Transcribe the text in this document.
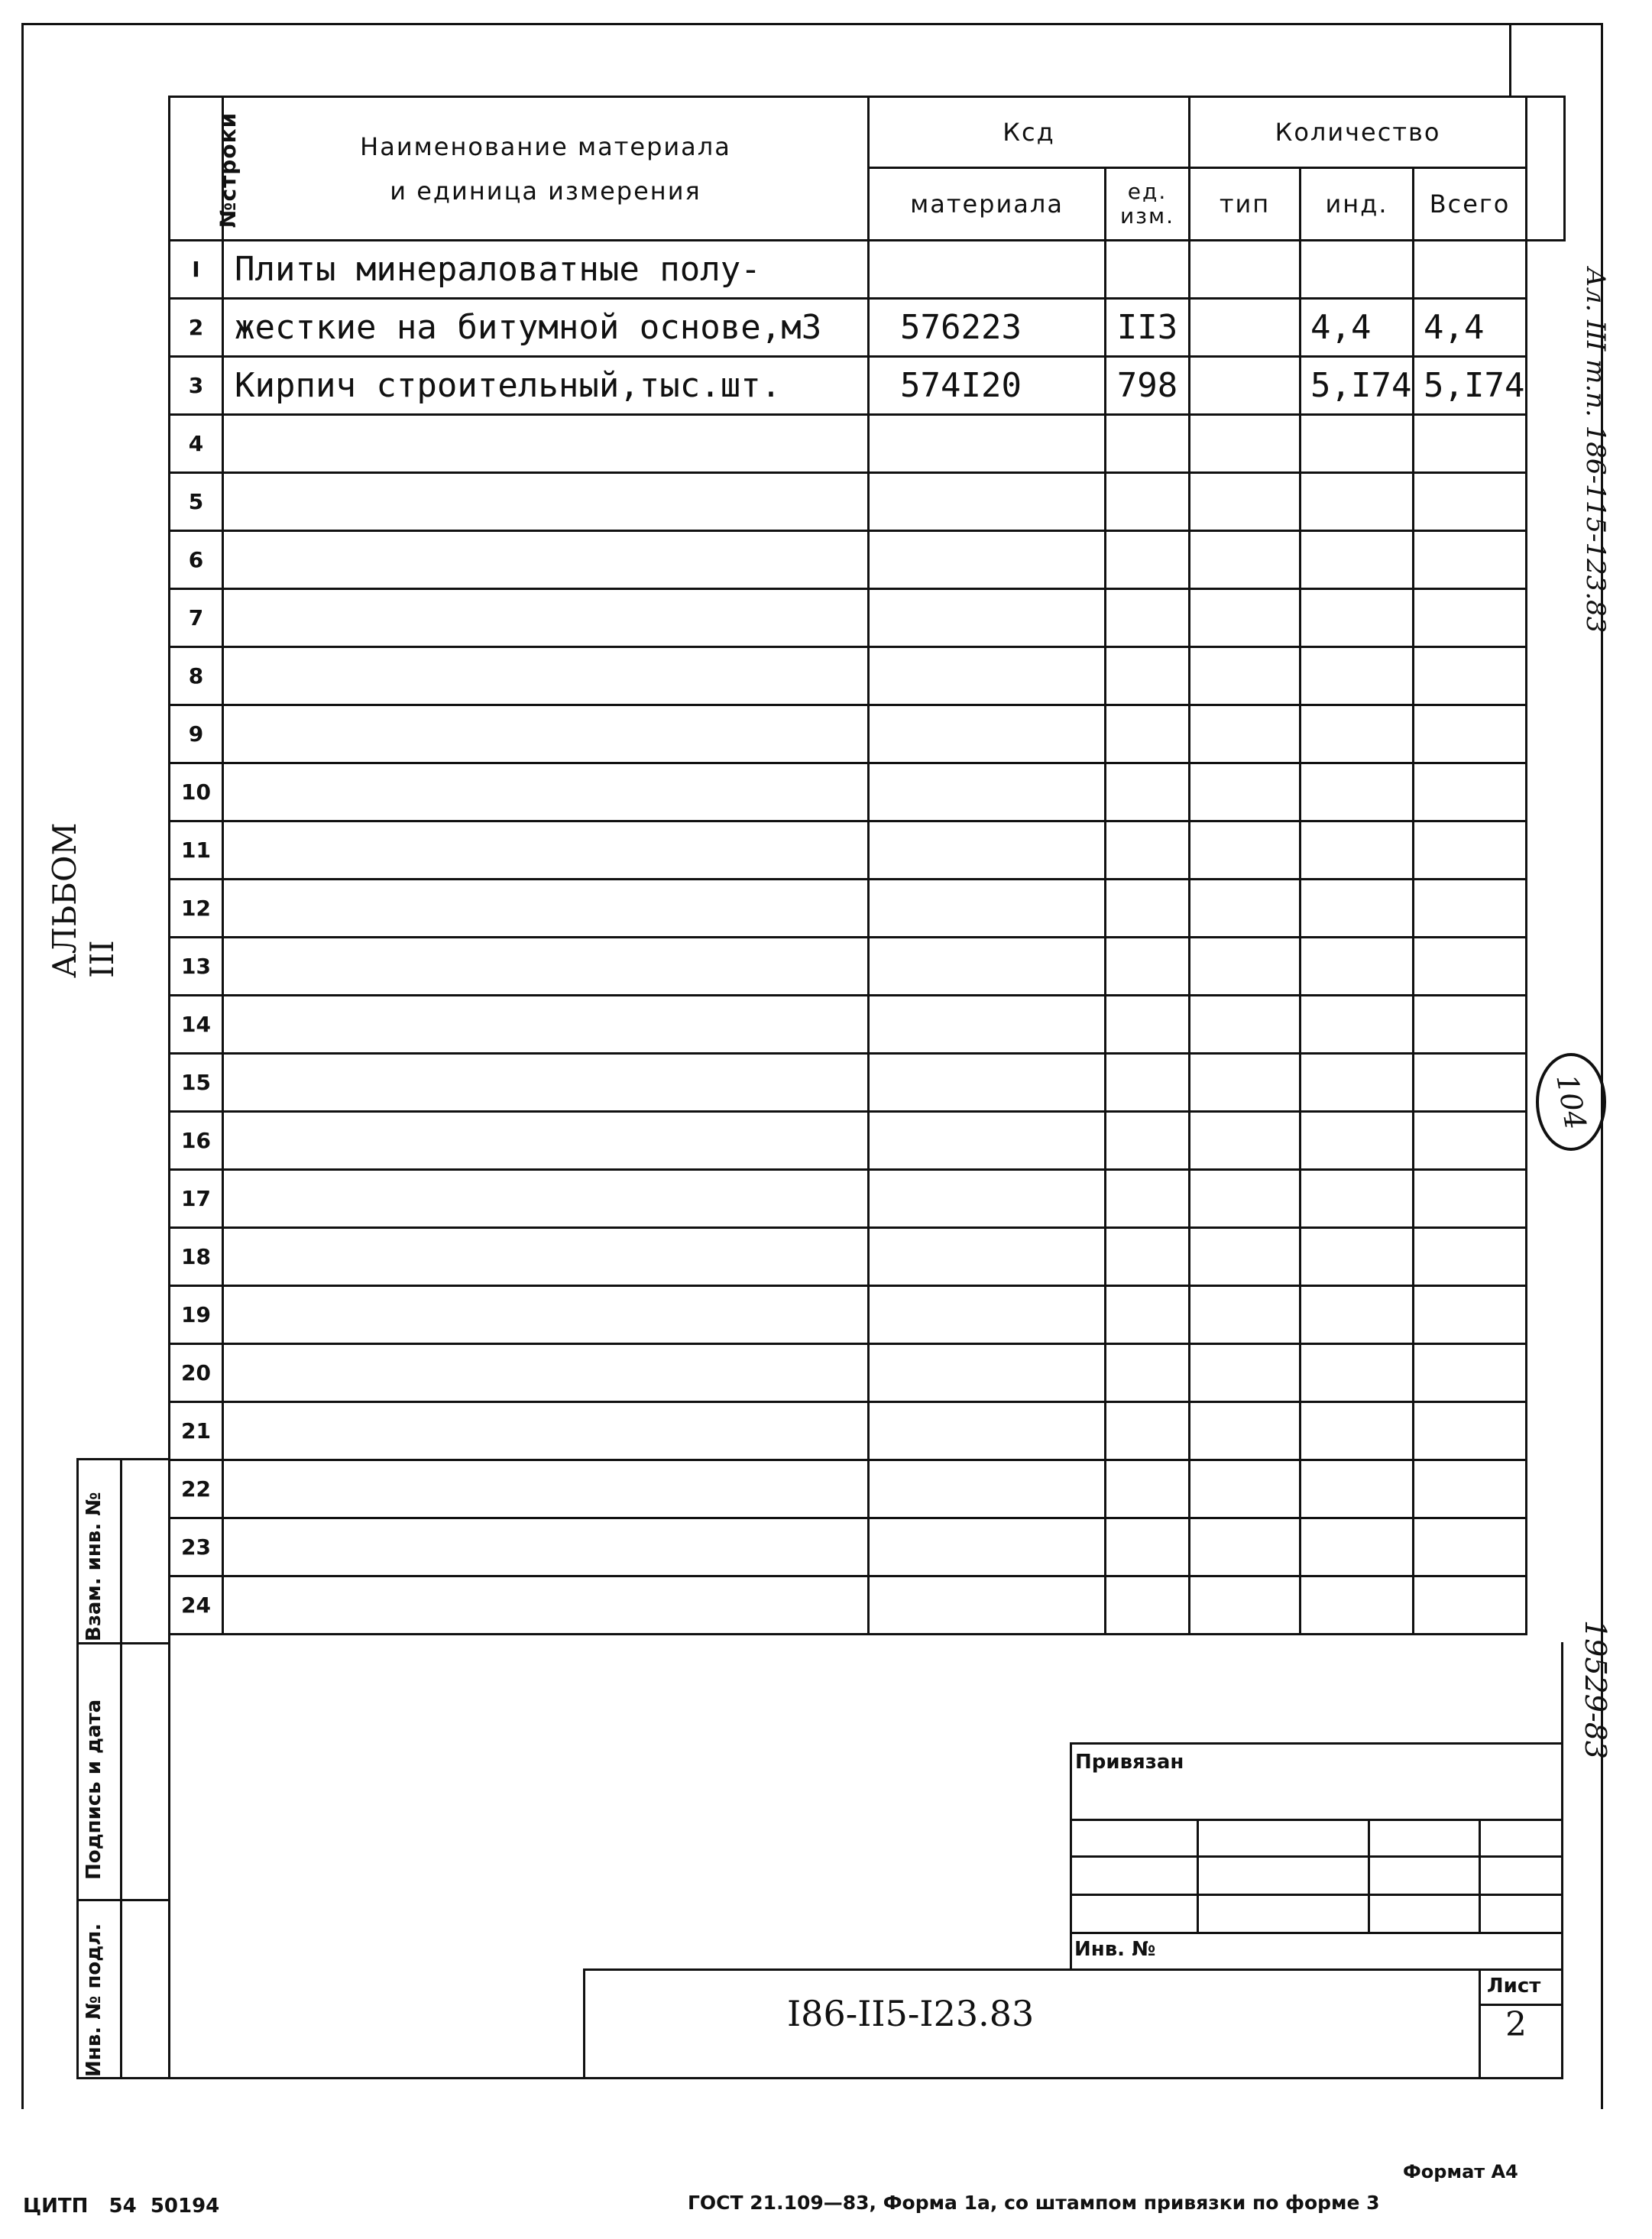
№строки	Наименование материала
и единица измерения	Ксд		Количество			
		материала	ед. изм.	тип	инд.	Всего	
I	Плиты минераловатные полу-						
2	жесткие на битумной основе,м3	576223	II3		4,4	4,4	
3	Кирпич строительный,тыс.шт.	574I20	798		5,I74	5,I74	
4							
5							
6							
7							
8							
9							
10							
11							
12							
13							
14							
15							
16							
17							
18							
19							
20							
21							
22							
23							
24							
АЛЬБОМ III
Ал. III т.п. 186-115-123.83
104
19529-83
Взам. инв. №
Подпись и дата
Инв. № подл.
Привязан
Инв. №
I86-II5-I23.83
Лист
2
Формат А4
ЦИТП   54  50194	ГОСТ 21.109—83, Форма 1а, со штампом привязки по форме 3
